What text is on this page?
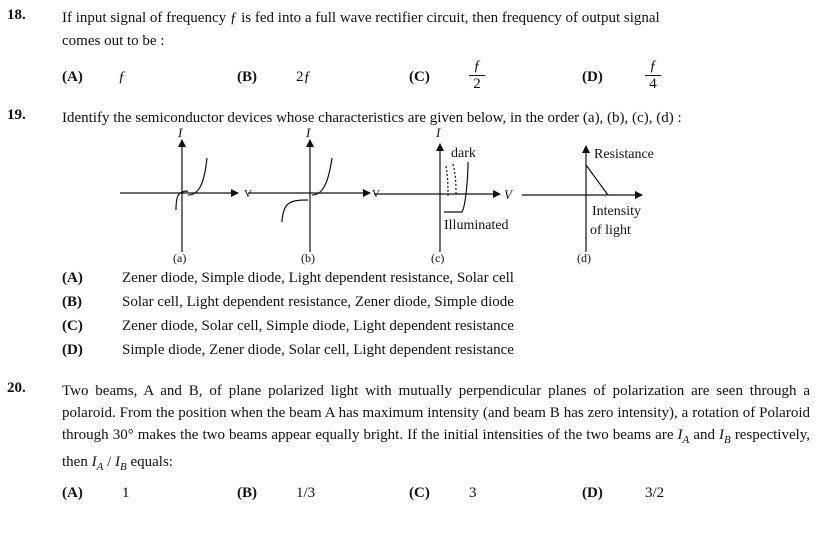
18. If input signal of frequency ƒ is fed into a full wave rectifier circuit, then frequency of output signal
comes out to be :
(A) ƒ	(B)	2ƒ	(C)
ƒ
2	(D)
ƒ
4
19. Identify the semiconductor devices whose characteristics are given below, in the order (a), (b), (c), (d) :
I
V
I
V
I
V
dark
Illuminated
Resistance
Intensity
of light
(a)	(b)	(c)	(d)
(A)	Zener diode, Simple diode, Light dependent resistance, Solar cell
(B)	Solar cell, Light dependent resistance, Zener diode, Simple diode
(C)	Zener diode, Solar cell, Simple diode, Light dependent resistance
(D)	Simple diode, Zener diode, Solar cell, Light dependent resistance
20. Two beams, A and B, of plane polarized light with mutually perpendicular planes of polarization are seen through a polaroid. From the position when the beam A has maximum intensity (and beam B has zero intensity), a rotation of Polaroid through 30° makes the two beams appear equally bright. If the initial intensities of the two beams are $I_A$ and $I_B$ respectively, then $I_A / I_B$ equals:
(A)	1	(B)	1/3	(C)	3	(D)	3/2
